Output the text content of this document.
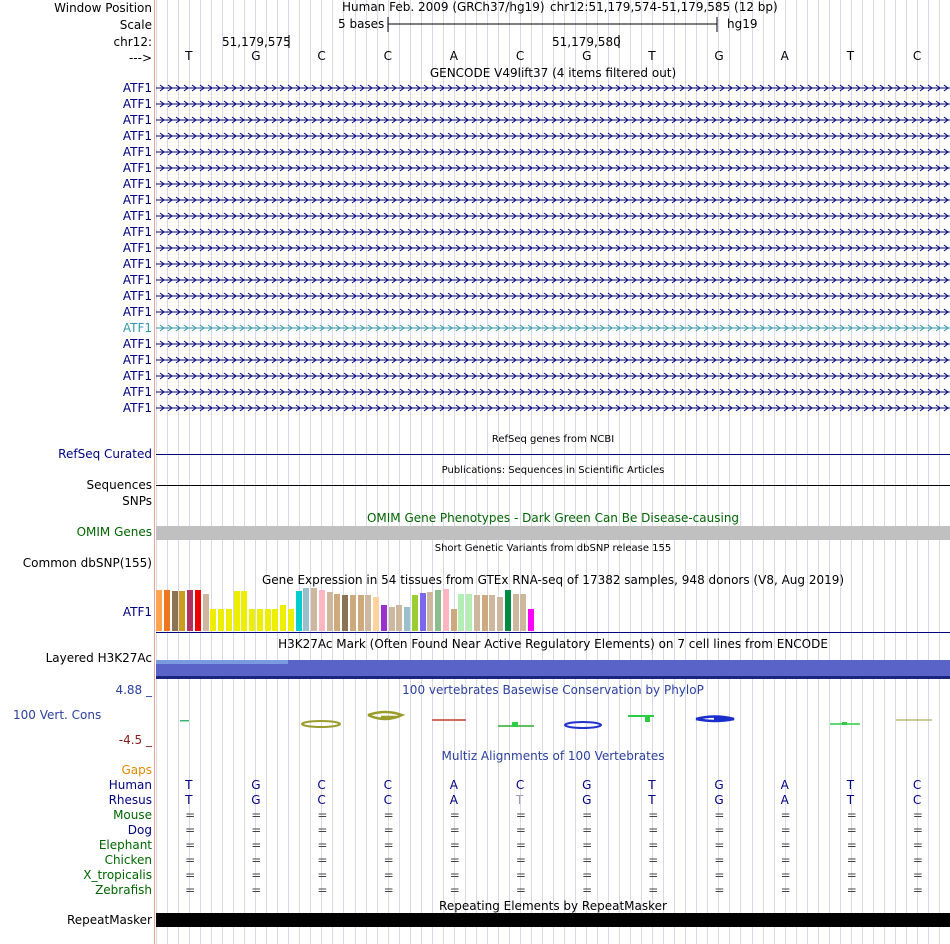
Window Position
Scale
chr12:
--->
Human Feb. 2009 (GRCh37/hg19) chr12:51,179,574-51,179,585 (12 bp)
5 bases	hg19
51,179,575	51,179,580
T	G	C	C	A	C	G	T	G	A	T	C
GENCODE V49lift37 (4 items filtered out)
ATF1
ATF1
ATF1
ATF1
ATF1
ATF1
ATF1
ATF1
ATF1
ATF1
ATF1
ATF1
ATF1
ATF1
ATF1
ATF1
ATF1
ATF1
ATF1
ATF1
ATF1
RefSeq genes from NCBI
RefSeq Curated
Publications: Sequences in Scientific Articles
Sequences
SNPs
OMIM Gene Phenotypes - Dark Green Can Be Disease-causing
OMIM Genes
Short Genetic Variants from dbSNP release 155
Common dbSNP(155)
Gene Expression in 54 tissues from GTEx RNA-seq of 17382 samples, 948 donors (V8, Aug 2019)
ATF1
H3K27Ac Mark (Often Found Near Active Regulatory Elements) on 7 cell lines from ENCODE
Layered H3K27Ac
100 vertebrates Basewise Conservation by PhyloP
4.88 _
100 Vert. Cons
-4.5 _
Multiz Alignments of 100 Vertebrates
Gaps
Human	T	G	C	C	A	C	G	T	G	A	T	C
Rhesus	T	G	C	C	A	T	G	T	G	A	T	C
Mouse	=	=	=	=	=	=	=	=	=	=	=	=
Dog	=	=	=	=	=	=	=	=	=	=	=	=
Elephant	=	=	=	=	=	=	=	=	=	=	=	=
Chicken	=	=	=	=	=	=	=	=	=	=	=	=
X_tropicalis	=	=	=	=	=	=	=	=	=	=	=	=
Zebrafish	=	=	=	=	=	=	=	=	=	=	=	=
Repeating Elements by RepeatMasker
RepeatMasker
